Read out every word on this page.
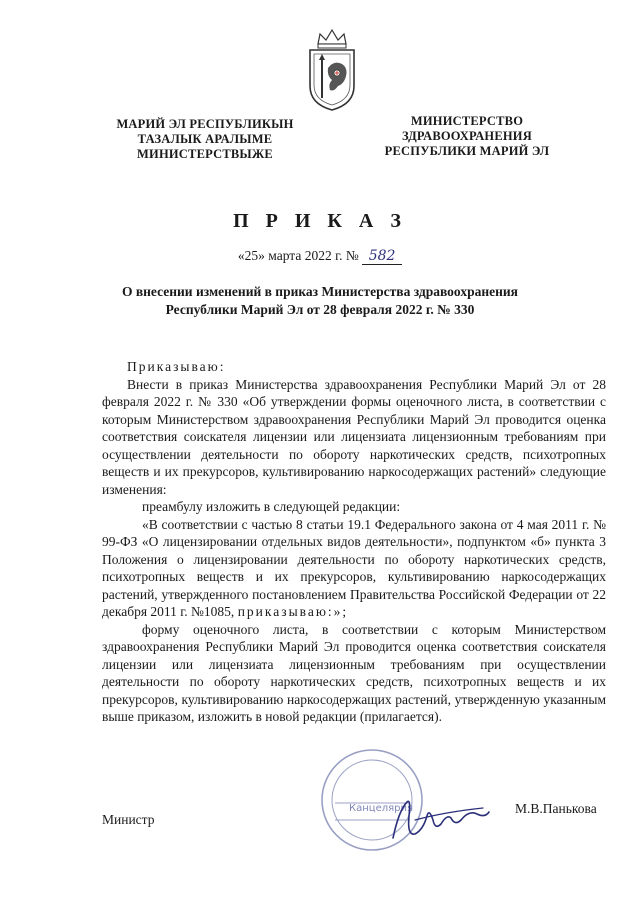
МАРИЙ ЭЛ РЕСПУБЛИКЫН
ТАЗАЛЫК АРАЛЫМЕ
МИНИСТЕРСТВЫЖЕ
МИНИСТЕРСТВО
ЗДРАВООХРАНЕНИЯ
РЕСПУБЛИКИ МАРИЙ ЭЛ
П Р И К А З
«25» марта 2022 г. № 582
О внесении изменений в приказ Министерства здравоохранения
Республики Марий Эл от 28 февраля 2022 г. № 330

Приказываю:

Внести в приказ Министерства здравоохранения Республики Марий Эл от 28 февраля 2022 г. № 330 «Об утверждении формы оценочного листа, в соответствии с которым Министерством здравоохранения Республики Марий Эл проводится оценка соответствия соискателя лицензии или лицензиата лицензионным требованиям при осуществлении деятельности по обороту наркотических средств, психотропных веществ и их прекурсоров, культивированию наркосодержащих растений» следующие изменения:

преамбулу изложить в следующей редакции:

«В соответствии с частью 8 статьи 19.1 Федерального закона от 4 мая 2011 г. № 99-ФЗ «О лицензировании отдельных видов деятельности», подпунктом «б» пункта 3 Положения о лицензировании деятельности по обороту наркотических средств, психотропных веществ и их прекурсоров, культивированию наркосодержащих растений, утвержденного постановлением Правительства Российской Федерации от 22 декабря 2011 г. №1085, приказываю:»;

форму оценочного листа, в соответствии с которым Министерством здравоохранения Республики Марий Эл проводится оценка соответствия соискателя лицензии или лицензиата лицензионным требованиям при осуществлении деятельности по обороту наркотических средств, психотропных веществ и их прекурсоров, культивированию наркосодержащих растений, утвержденную указанным выше приказом, изложить в новой редакции (прилагается).

Канцелярия
Министр
М.В.Панькова
